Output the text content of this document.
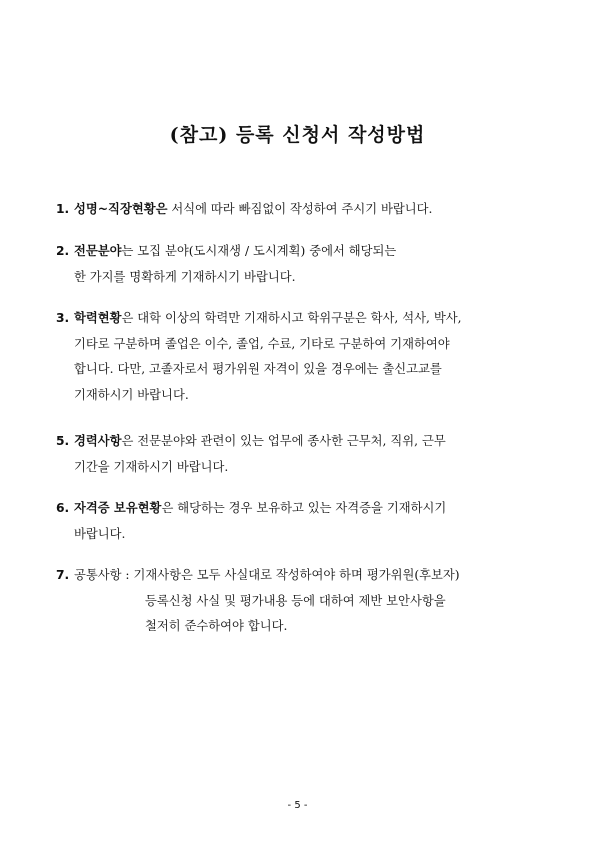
(참고) 등록 신청서 작성방법
1. 성명~직장현황은 서식에 따라 빠짐없이 작성하여 주시기 바랍니다.
2. 전문분야는 모집 분야(도시재생 / 도시계획) 중에서 해당되는
한 가지를 명확하게 기재하시기 바랍니다.
3. 학력현황은 대학 이상의 학력만 기재하시고 학위구분은 학사, 석사, 박사,
기타로 구분하며 졸업은 이수, 졸업, 수료, 기타로 구분하여 기재하여야
합니다. 다만, 고졸자로서 평가위원 자격이 있을 경우에는 출신고교를
기재하시기 바랍니다.
5. 경력사항은 전문분야와 관련이 있는 업무에 종사한 근무처, 직위, 근무
기간을 기재하시기 바랍니다.
6. 자격증 보유현황은 해당하는 경우 보유하고 있는 자격증을 기재하시기
바랍니다.
7. 공통사항 : 기재사항은 모두 사실대로 작성하여야 하며 평가위원(후보자)
등록신청 사실 및 평가내용 등에 대하여 제반 보안사항을
철저히 준수하여야 합니다.
- 5 -
